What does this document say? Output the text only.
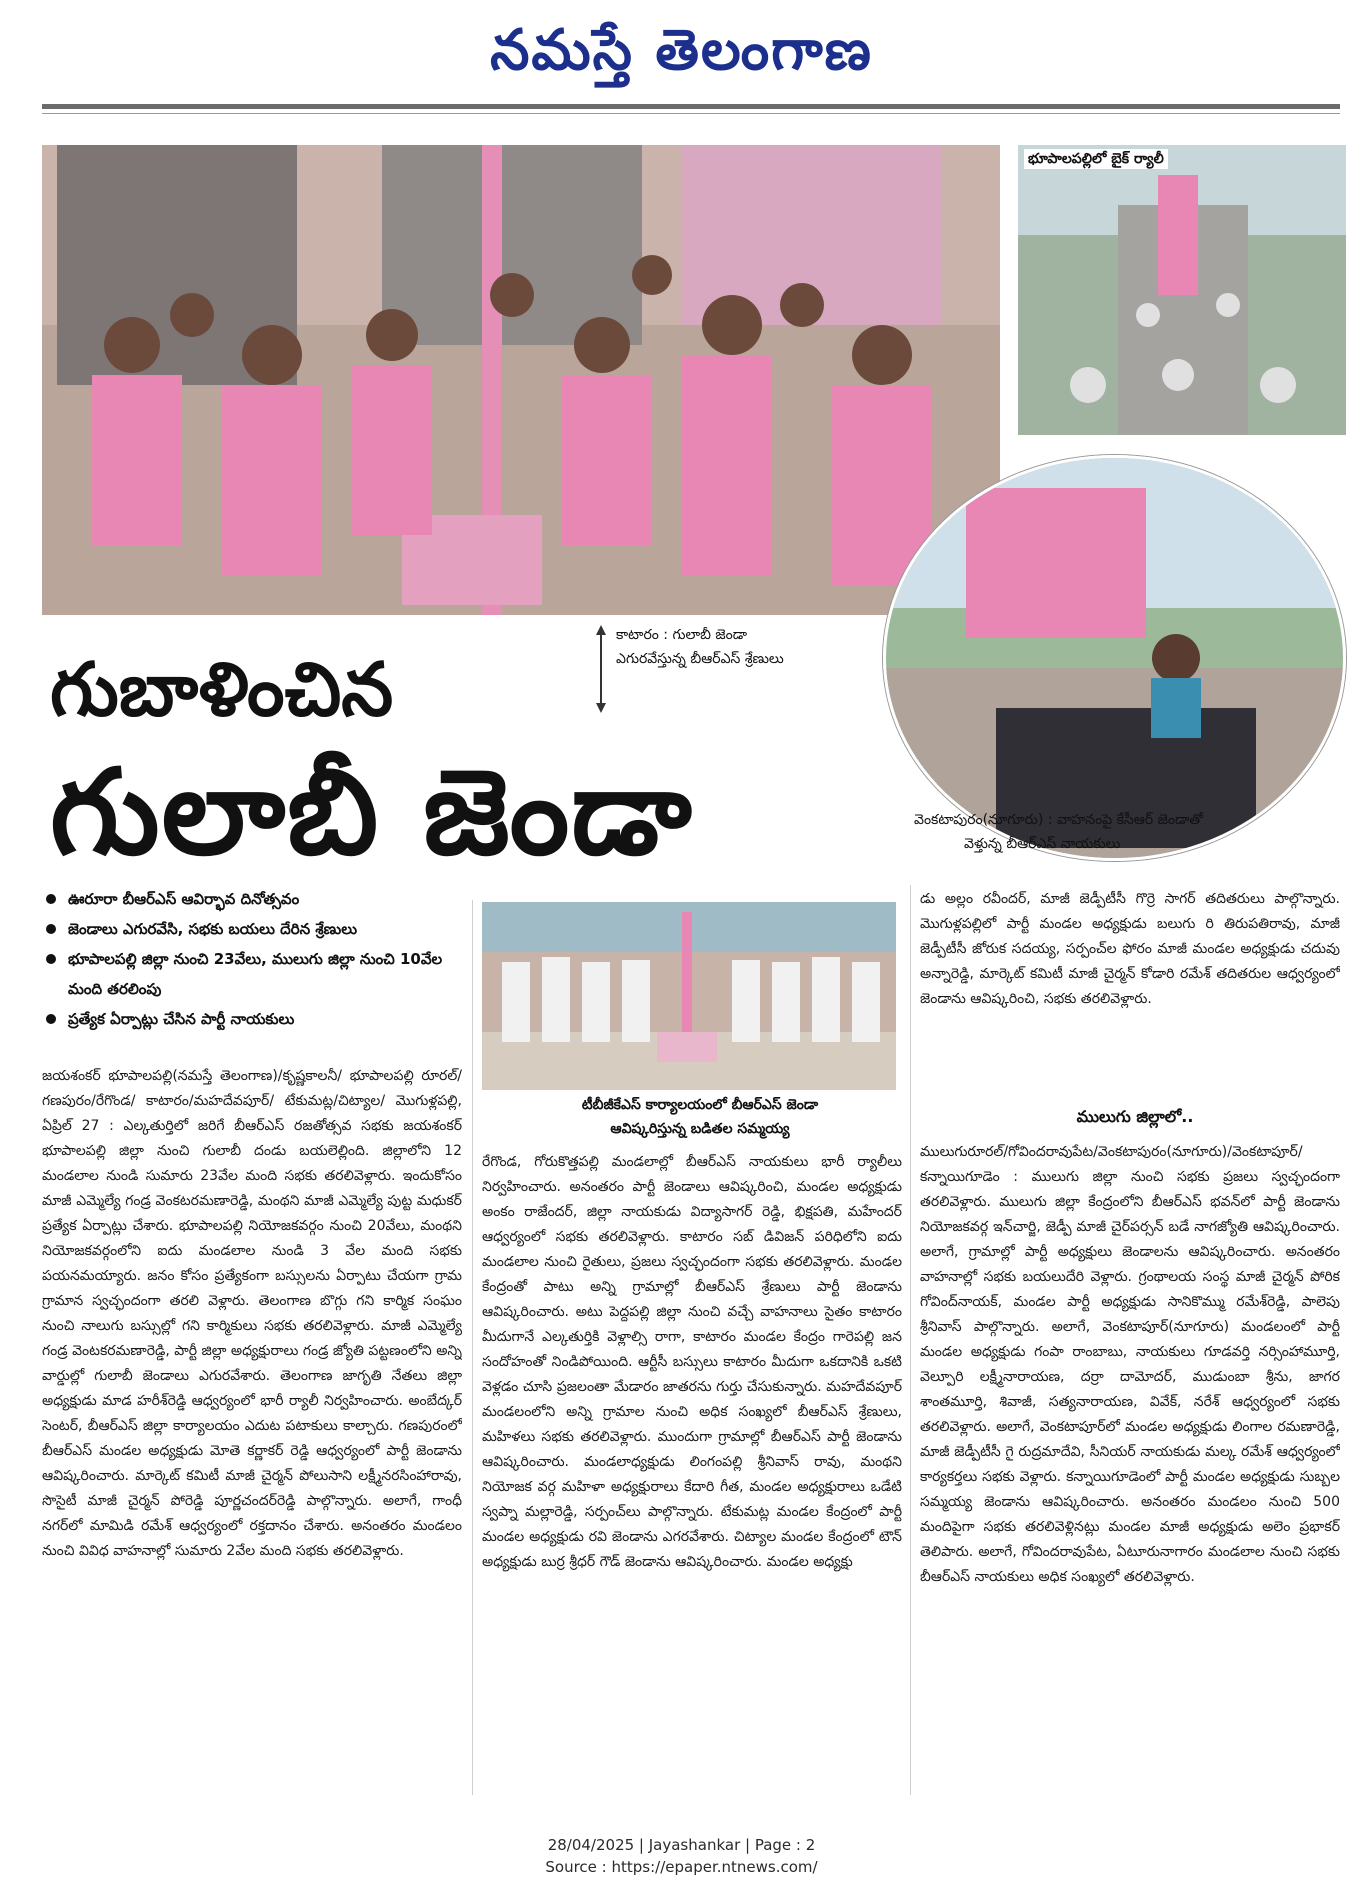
నమస్తే తెలంగాణ
భూపాలపల్లిలో బైక్ ర్యాలీ
గుబాళించిన
గులాబీ జెండా
కాటారం : గులాబీ జెండా
ఎగురవేస్తున్న బీఆర్‌ఎస్ శ్రేణులు
వెంకటాపురం(నూగూరు) : వాహనంపై కేసీఆర్ జెండాతో
వెళ్తున్న బీఆర్‌ఎస్ నాయకులు
టీబీజీకేఎస్ కార్యాలయంలో బీఆర్‌ఎస్ జెండా
ఆవిష్కరిస్తున్న బడితల సమ్మయ్య
ఊరూరా బీఆర్‌ఎస్ ఆవిర్భావ దినోత్సవం
జెండాలు ఎగురవేసి, సభకు బయలు దేరిన శ్రేణులు
భూపాలపల్లి జిల్లా నుంచి 23వేలు, ములుగు జిల్లా నుంచి 10వేల మంది తరలింపు
ప్రత్యేక ఏర్పాట్లు చేసిన పార్టీ నాయకులు
జయశంకర్ భూపాలపల్లి(నమస్తే తెలంగాణ)/కృష్ణకాలనీ/ భూపాలపల్లి రూరల్/గణపురం/రేగొండ/ కాటారం/మహదేవపూర్/ టేకుమట్ల/చిట్యాల/ మొగుళ్లపల్లి, ఏప్రిల్ 27 : ఎల్కతుర్తిలో జరిగే బీఆర్‌ఎస్ రజతోత్సవ సభకు జయశంకర్ భూపాలపల్లి జిల్లా నుంచి గులాబీ దండు బయలెల్లింది. జిల్లాలోని 12 మండలాల నుండి సుమారు 23వేల మంది సభకు తరలివెళ్లారు. ఇందుకోసం మాజీ ఎమ్మెల్యే గండ్ర వెంకటరమణారెడ్డి, మంథని మాజీ ఎమ్మెల్యే పుట్ట మధుకర్ ప్రత్యేక ఏర్పాట్లు చేశారు. భూపాలపల్లి నియోజకవర్గం నుంచి 20వేలు, మంథని నియోజకవర్గంలోని ఐదు మండలాల నుండి 3 వేల మంది సభకు పయనమయ్యారు. జనం కోసం ప్రత్యేకంగా బస్సులను ఏర్పాటు చేయగా గ్రామ గ్రామాన స్వచ్ఛందంగా తరలి వెళ్లారు. తెలంగాణ బొగ్గు గని కార్మిక సంఘం నుంచి నాలుగు బస్సుల్లో గని కార్మికులు సభకు తరలివెళ్లారు. మాజీ ఎమ్మెల్యే గండ్ర వెంటకరమణారెడ్డి, పార్టీ జిల్లా అధ్యక్షురాలు గండ్ర జ్యోతి పట్టణంలోని అన్ని వార్డుల్లో గులాబీ జెండాలు ఎగురవేశారు. తెలంగాణ జాగృతి నేతలు జిల్లా అధ్యక్షుడు మాడ హరీశ్‌రెడ్డి ఆధ్వర్యంలో భారీ ర్యాలీ నిర్వహించారు. అంబేద్కర్ సెంటర్, బీఆర్‌ఎస్ జిల్లా కార్యాలయం ఎదుట పటాకులు కాల్చారు. గణపురంలో బీఆర్‌ఎస్ మండల అధ్యక్షుడు మోతె కర్ణాకర్ రెడ్డి ఆధ్వర్యంలో పార్టీ జెండాను ఆవిష్కరించారు. మార్కెట్ కమిటీ మాజీ చైర్మన్ పోలుసాని లక్ష్మీనరసింహారావు, సొసైటీ మాజీ చైర్మన్ పోరెడ్డి పూర్ణచందర్‌రెడ్డి పాల్గొన్నారు. అలాగే, గాంధీ నగర్‌లో మామిడి రమేశ్ ఆధ్వర్యంలో రక్తదానం చేశారు. అనంతరం మండలం నుంచి వివిధ వాహనాల్లో సుమారు 2వేల మంది సభకు తరలివెళ్లారు.
రేగొండ, గోరుకొత్తపల్లి మండలాల్లో బీఆర్‌ఎస్ నాయకులు భారీ ర్యాలీలు నిర్వహించారు. అనంతరం పార్టీ జెండాలు ఆవిష్కరించి, మండల అధ్యక్షుడు అంకం రాజేందర్, జిల్లా నాయకుడు విద్యాసాగర్ రెడ్డి, భిక్షపతి, మహేందర్ ఆధ్వర్యంలో సభకు తరలివెళ్లారు. కాటారం సబ్ డివిజన్ పరిధిలోని ఐదు మండలాల నుంచి రైతులు, ప్రజలు స్వచ్ఛందంగా సభకు తరలివెళ్లారు. మండల కేంద్రంతో పాటు అన్ని గ్రామాల్లో బీఆర్‌ఎస్ శ్రేణులు పార్టీ జెండాను ఆవిష్కరించారు. అటు పెద్దపల్లి జిల్లా నుంచి వచ్చే వాహనాలు సైతం కాటారం మీదుగానే ఎల్కతుర్తికి వెళ్లాల్సి రాగా, కాటారం మండల కేంద్రం గారెపల్లి జన సందోహంతో నిండిపోయింది. ఆర్టీసీ బస్సులు కాటారం మీదుగా ఒకదానికి ఒకటి వెళ్లడం చూసి ప్రజలంతా మేడారం జాతరను గుర్తు చేసుకున్నారు. మహదేవపూర్ మండలంలోని అన్ని గ్రామాల నుంచి అధిక సంఖ్యలో బీఆర్‌ఎస్ శ్రేణులు, మహిళలు సభకు తరలివెళ్లారు. ముందుగా గ్రామాల్లో బీఆర్‌ఎస్ పార్టీ జెండాను ఆవిష్కరించారు. మండలాధ్యక్షుడు లింగంపల్లి శ్రీనివాస్ రావు, మంథని నియోజక వర్గ మహిళా అధ్యక్షురాలు కేదారి గీత, మండల అధ్యక్షురాలు ఒడేటి స్వప్నా మల్లారెడ్డి, సర్పంచ్‌లు పాల్గొన్నారు. టేకుమట్ల మండల కేంద్రంలో పార్టీ మండల అధ్యక్షుడు రవి జెండాను ఎగరవేశారు. చిట్యాల మండల కేంద్రంలో టౌన్ అధ్యక్షుడు బుర్ర శ్రీధర్ గౌడ్ జెండాను ఆవిష్కరించారు. మండల అధ్యక్షు
డు అల్లం రవీందర్, మాజీ జెడ్పీటీసీ గొర్రె సాగర్ తదితరులు పాల్గొన్నారు. మొగుళ్లపల్లిలో పార్టీ మండల అధ్యక్షుడు బలుగు రి తిరుపతిరావు, మాజీ జెడ్పీటీసీ జోరుక సదయ్య, సర్పంచ్‌ల ఫోరం మాజీ మండల అధ్యక్షుడు చదువు అన్నారెడ్డి, మార్కెట్ కమిటీ మాజీ చైర్మన్ కోడారి రమేశ్ తదితరుల ఆధ్వర్యంలో జెండాను ఆవిష్కరించి, సభకు తరలివెళ్లారు.
ములుగు జిల్లాలో..
ములుగురూరల్/గోవిందరావుపేట/వెంకటాపురం(నూగూరు)/వెంకటాపూర్/కన్నాయిగూడెం : ములుగు జిల్లా నుంచి సభకు ప్రజలు స్వచ్ఛందంగా తరలివెళ్లారు. ములుగు జిల్లా కేంద్రంలోని బీఆర్‌ఎస్ భవన్‌లో పార్టీ జెండాను నియోజకవర్గ ఇన్‌చార్జి, జెడ్పీ మాజీ చైర్‌పర్సన్ బడే నాగజ్యోతి ఆవిష్కరించారు. అలాగే, గ్రామాల్లో పార్టీ అధ్యక్షులు జెండాలను ఆవిష్కరించారు. అనంతరం వాహనాల్లో సభకు బయలుదేరి వెళ్లారు. గ్రంథాలయ సంస్థ మాజీ చైర్మన్ పోరిక గోవింద్‌నాయక్, మండల పార్టీ అధ్యక్షుడు సానికొమ్ము రమేశ్‌రెడ్డి, పాలెపు శ్రీనివాస్ పాల్గొన్నారు. అలాగే, వెంకటాపూర్(నూగూరు) మండలంలో పార్టీ మండల అధ్యక్షుడు గంపా రాంబాబు, నాయకులు గూడవర్తి నర్సింహామూర్తి, వెల్పూరి లక్ష్మీనారాయణ, దర్రా దామోదర్, ముడుంబా శ్రీను, జాగర శాంతమూర్తి, శివాజీ, సత్యనారాయణ, వివేక్, నరేశ్ ఆధ్వర్యంలో సభకు తరలివెళ్లారు. అలాగే, వెంకటాపూర్‌లో మండల అధ్యక్షుడు లింగాల రమణారెడ్డి, మాజీ జెడ్పీటీసీ గై రుద్రమాదేవి, సీనియర్ నాయకుడు మల్క రమేశ్ ఆధ్వర్యంలో కార్యకర్తలు సభకు వెళ్లారు. కన్నాయిగూడెంలో పార్టీ మండల అధ్యక్షుడు సుబ్బల సమ్మయ్య జెండాను ఆవిష్కరించారు. అనంతరం మండలం నుంచి 500 మందిపైగా సభకు తరలివెళ్లినట్లు మండల మాజీ అధ్యక్షుడు అలెం ప్రభాకర్ తెలిపారు. అలాగే, గోవిందరావుపేట, ఏటూరునాగారం మండలాల నుంచి సభకు బీఆర్‌ఎస్ నాయకులు అధిక సంఖ్యలో తరలివెళ్లారు.
28/04/2025 | Jayashankar | Page : 2
Source : https://epaper.ntnews.com/
